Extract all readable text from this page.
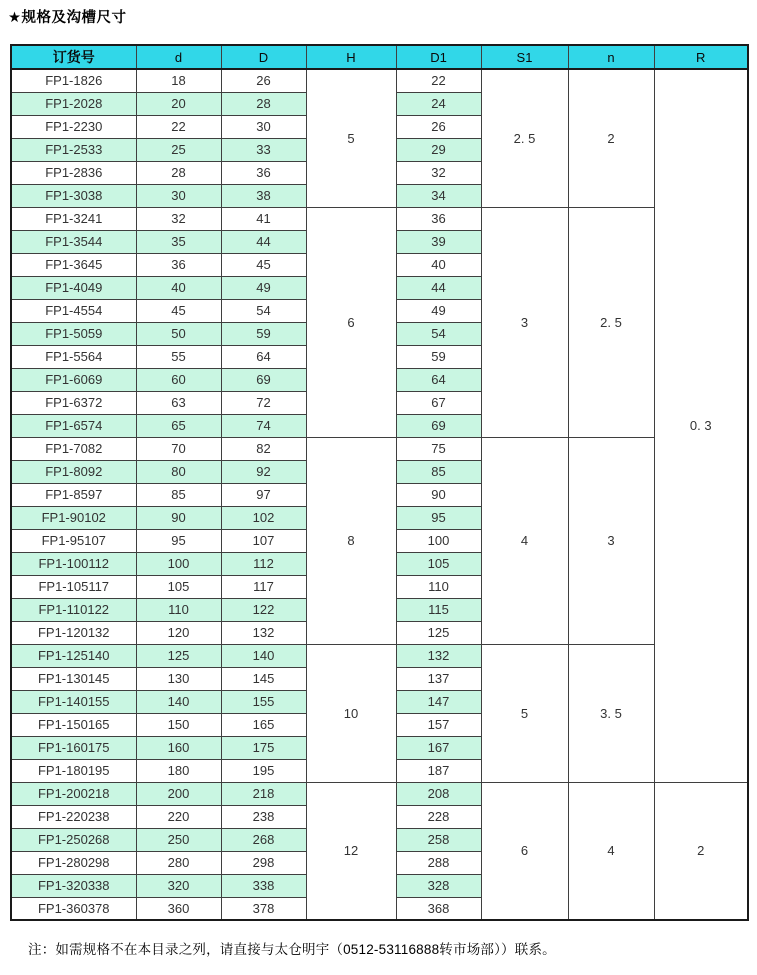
★规格及沟槽尺寸
订货号	d	D	H	D1	S1	n	R
FP1-1826	18	26	5	22	2. 5	2	0. 3
FP1-2028	20	28		24			
FP1-2230	22	30		26			
FP1-2533	25	33		29			
FP1-2836	28	36		32			
FP1-3038	30	38		34			
FP1-3241	32	41	6	36	3	2. 5	
FP1-3544	35	44		39			
FP1-3645	36	45		40			
FP1-4049	40	49		44			
FP1-4554	45	54		49			
FP1-5059	50	59		54			
FP1-5564	55	64		59			
FP1-6069	60	69		64			
FP1-6372	63	72		67			
FP1-6574	65	74		69			
FP1-7082	70	82	8	75	4	3	
FP1-8092	80	92		85			
FP1-8597	85	97		90			
FP1-90102	90	102		95			
FP1-95107	95	107		100			
FP1-100112	100	112		105			
FP1-105117	105	117		110			
FP1-110122	110	122		115			
FP1-120132	120	132		125			
FP1-125140	125	140	10	132	5	3. 5	
FP1-130145	130	145		137			
FP1-140155	140	155		147			
FP1-150165	150	165		157			
FP1-160175	160	175		167			
FP1-180195	180	195		187			
FP1-200218	200	218	12	208	6	4	2
FP1-220238	220	238		228			
FP1-250268	250	268		258			
FP1-280298	280	298		288			
FP1-320338	320	338		328			
FP1-360378	360	378		368			
注：如需规格不在本目录之列，请直接与太仓明宇（0512-53116888转市场部））联系。
